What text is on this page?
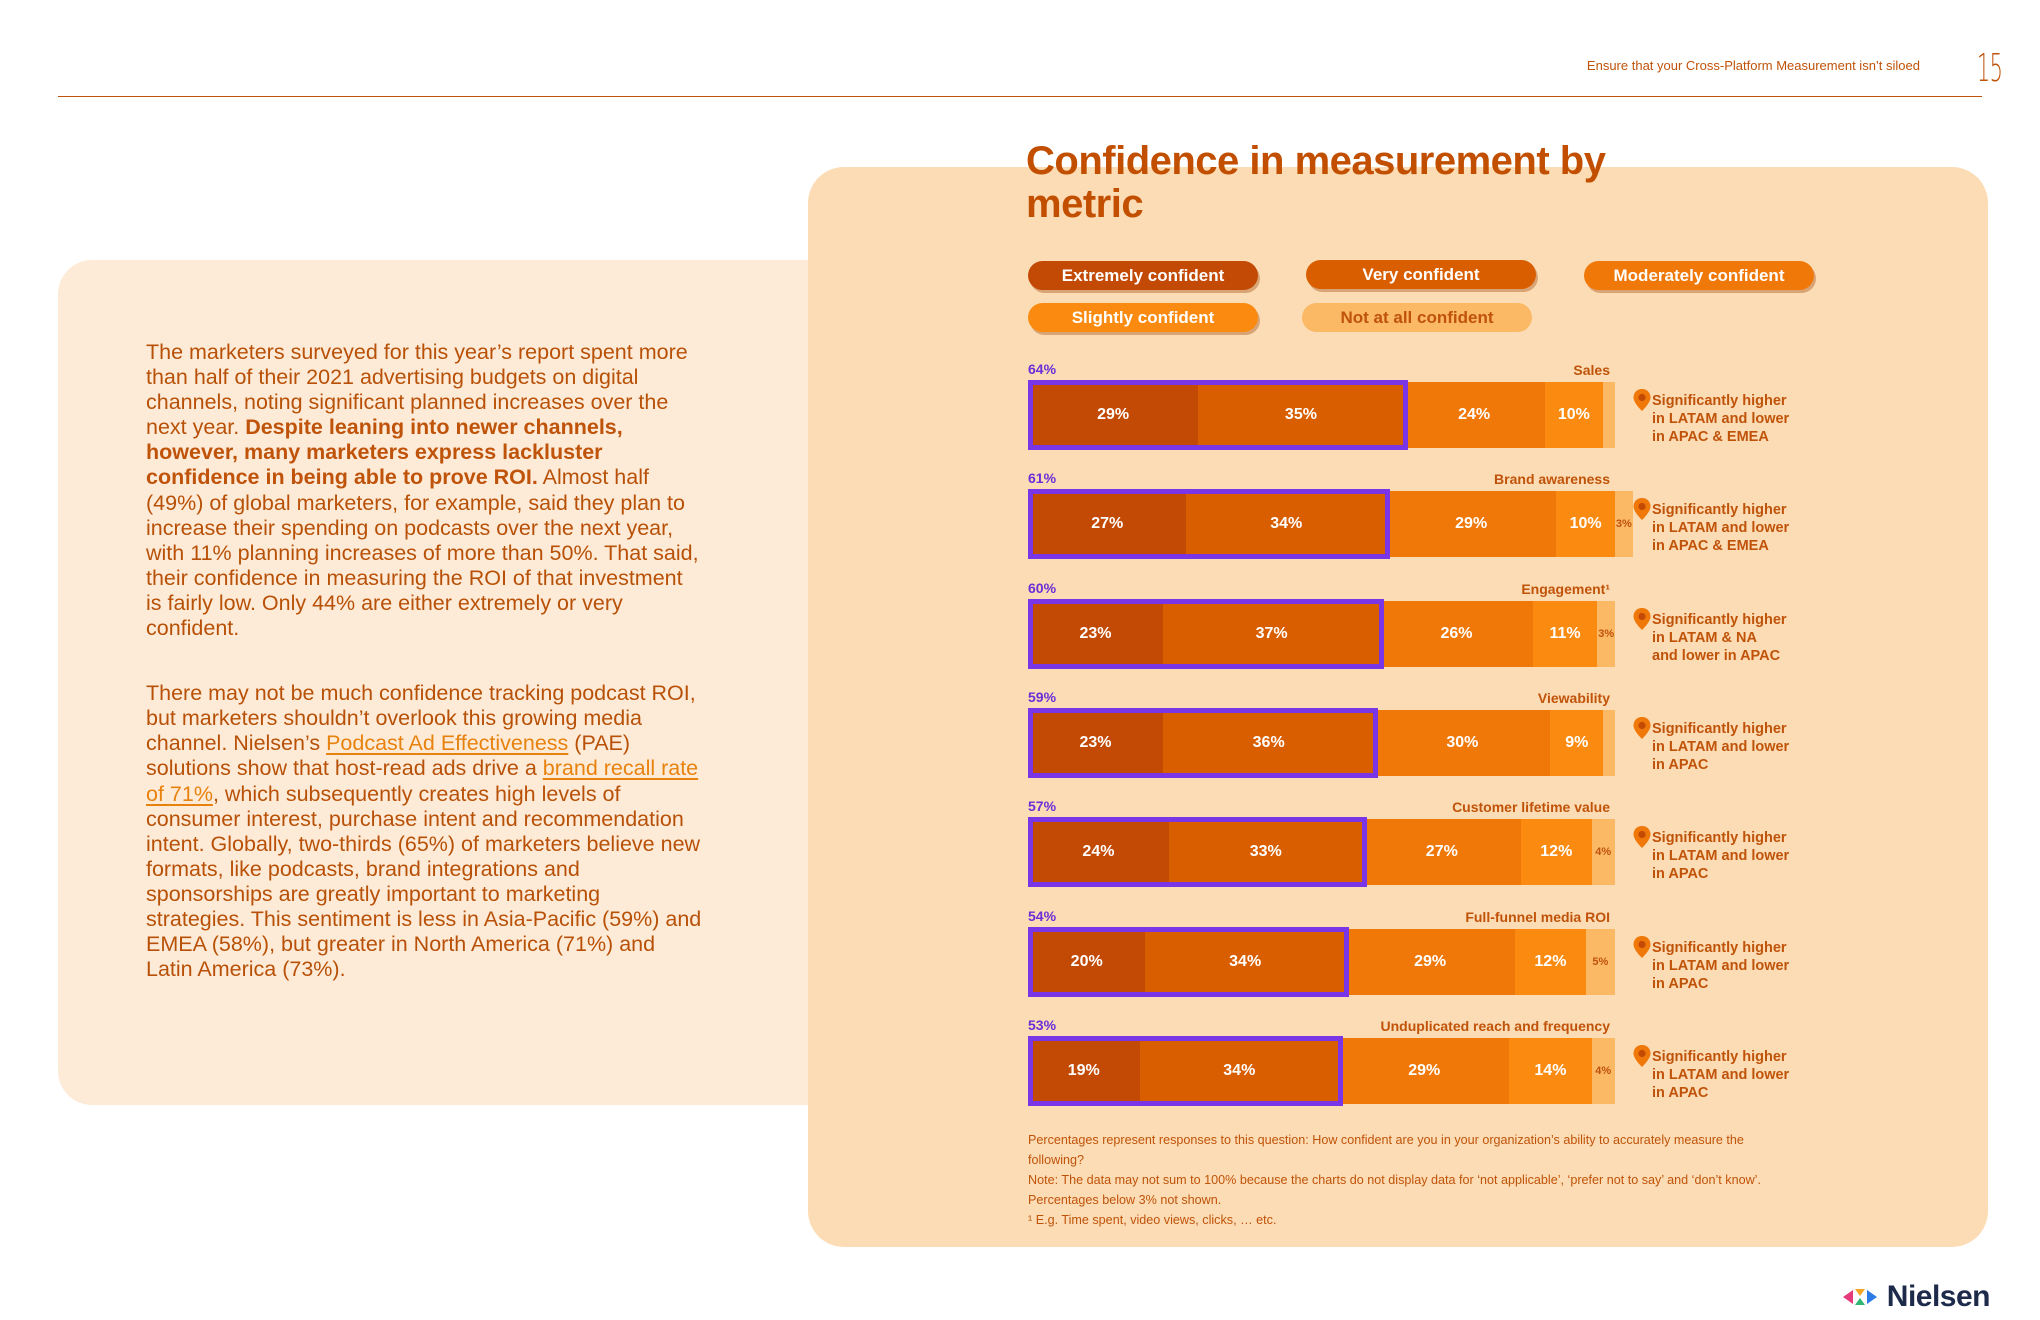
Ensure that your Cross-Platform Measurement isn’t siloed 15

The marketers surveyed for this year’s report spent more than half of their 2021 advertising budgets on digital channels, noting significant planned increases over the next year. Despite leaning into newer channels, however, many marketers express lackluster confidence in being able to prove ROI. Almost half (49%) of global marketers, for example, said they plan to increase their spending on podcasts over the next year, with 11% planning increases of more than 50%. That said, their confidence in measuring the ROI of that investment is fairly low. Only 44% are either extremely or very confident.

There may not be much confidence tracking podcast ROI, but marketers shouldn’t overlook this growing media channel. Nielsen’s Podcast Ad Effectiveness (PAE) solutions show that host-read ads drive a brand recall rate of 71%, which subsequently creates high levels of consumer interest, purchase intent and recommendation intent. Globally, two-thirds (65%) of marketers believe new formats, like podcasts, brand integrations and sponsorships are greatly important to marketing strategies. This sentiment is less in Asia-Pacific (59%) and EMEA (58%), but greater in North America (71%) and Latin America (73%).

Confidence in measurement by metric
Extremely confident	Very confident	Moderately confident
Slightly confident	Not at all confident
64%	Sales
29%	35%	24%	10%
Significantly higher
in LATAM and lower
in APAC & EMEA
61%	Brand awareness
27%	34%	29%	10%	3%
Significantly higher
in LATAM and lower
in APAC & EMEA
60%	Engagement¹
23%	37%	26%	11%	3%
Significantly higher
in LATAM & NA
and lower in APAC
59%	Viewability
23%	36%	30%	9%
Significantly higher
in LATAM and lower
in APAC
57%	Customer lifetime value
24%	33%	27%	12%	4%
Significantly higher
in LATAM and lower
in APAC
54%	Full-funnel media ROI
20%	34%	29%	12%	5%
Significantly higher
in LATAM and lower
in APAC
53%	Unduplicated reach and frequency
19%	34%	29%	14%	4%
Significantly higher
in LATAM and lower
in APAC
Percentages represent responses to this question: How confident are you in your organization’s ability to accurately measure the following?
Note: The data may not sum to 100% because the charts do not display data for ‘not applicable’, ‘prefer not to say’ and ‘don’t know’. Percentages below 3% not shown.
¹ E.g. Time spent, video views, clicks, … etc.
Nielsen
